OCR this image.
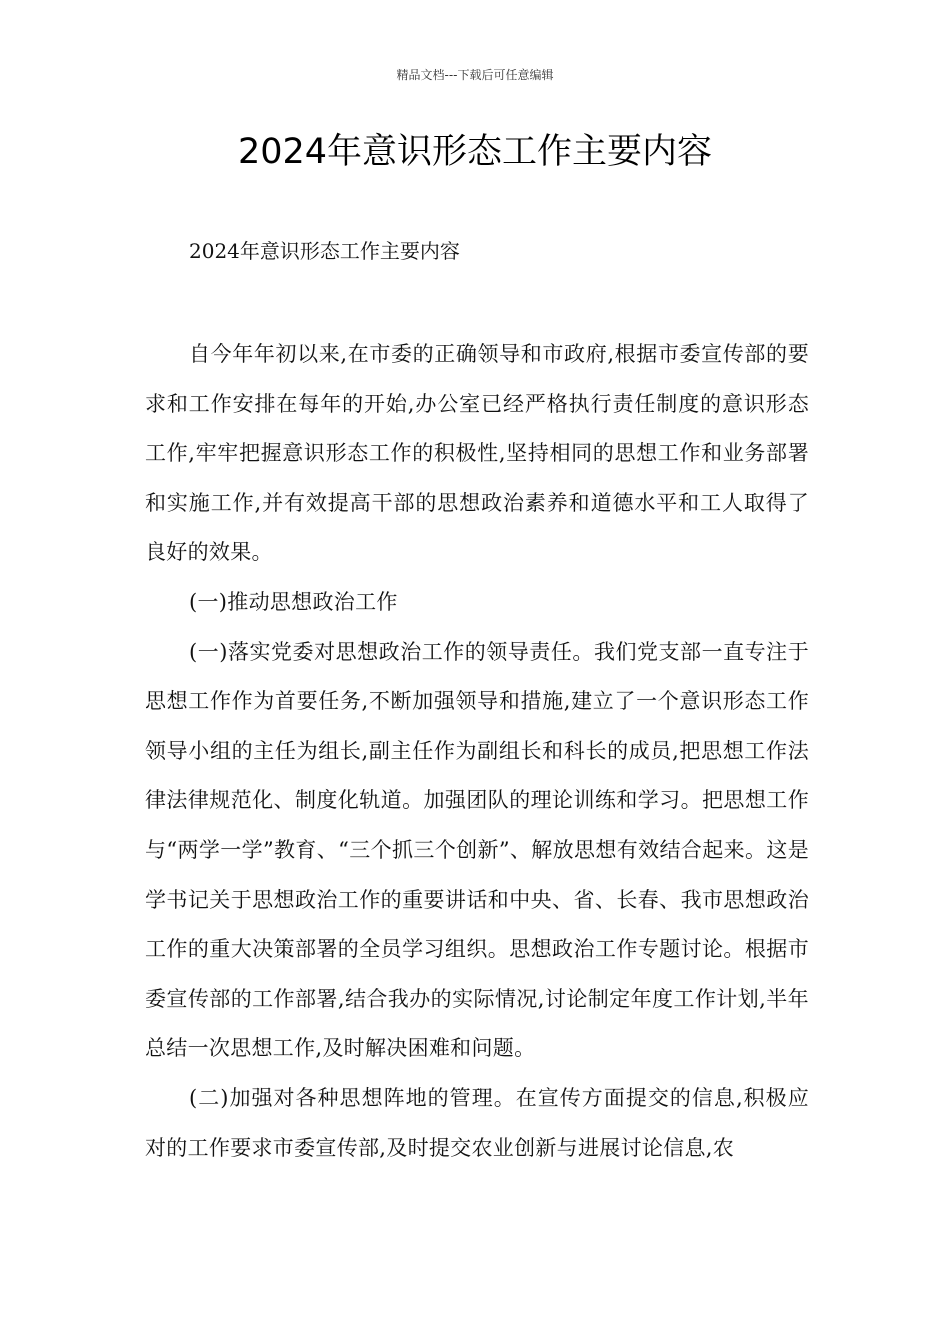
精品文档---下载后可任意编辑
2024年意识形态工作主要内容
2024年意识形态工作主要内容

自今年年初以来,在市委的正确领导和市政府,根据市委宣传部的要求和工作安排在每年的开始,办公室已经严格执行责任制度的意识形态工作,牢牢把握意识形态工作的积极性,坚持相同的思想工作和业务部署和实施工作,并有效提高干部的思想政治素养和道德水平和工人取得了良好的效果。

(一)推动思想政治工作

(一)落实党委对思想政治工作的领导责任。我们党支部一直专注于思想工作作为首要任务,不断加强领导和措施,建立了一个意识形态工作领导小组的主任为组长,副主任作为副组长和科长的成员,把思想工作法律法律规范化、制度化轨道。加强团队的理论训练和学习。把思想工作与“两学一学”教育、“三个抓三个创新”、解放思想有效结合起来。这是学书记关于思想政治工作的重要讲话和中央、省、长春、我市思想政治工作的重大决策部署的全员学习组织。思想政治工作专题讨论。根据市委宣传部的工作部署,结合我办的实际情况,讨论制定年度工作计划,半年总结一次思想工作,及时解决困难和问题。

(二)加强对各种思想阵地的管理。在宣传方面提交的信息,积极应对的工作要求市委宣传部,及时提交农业创新与进展讨论信息,农
